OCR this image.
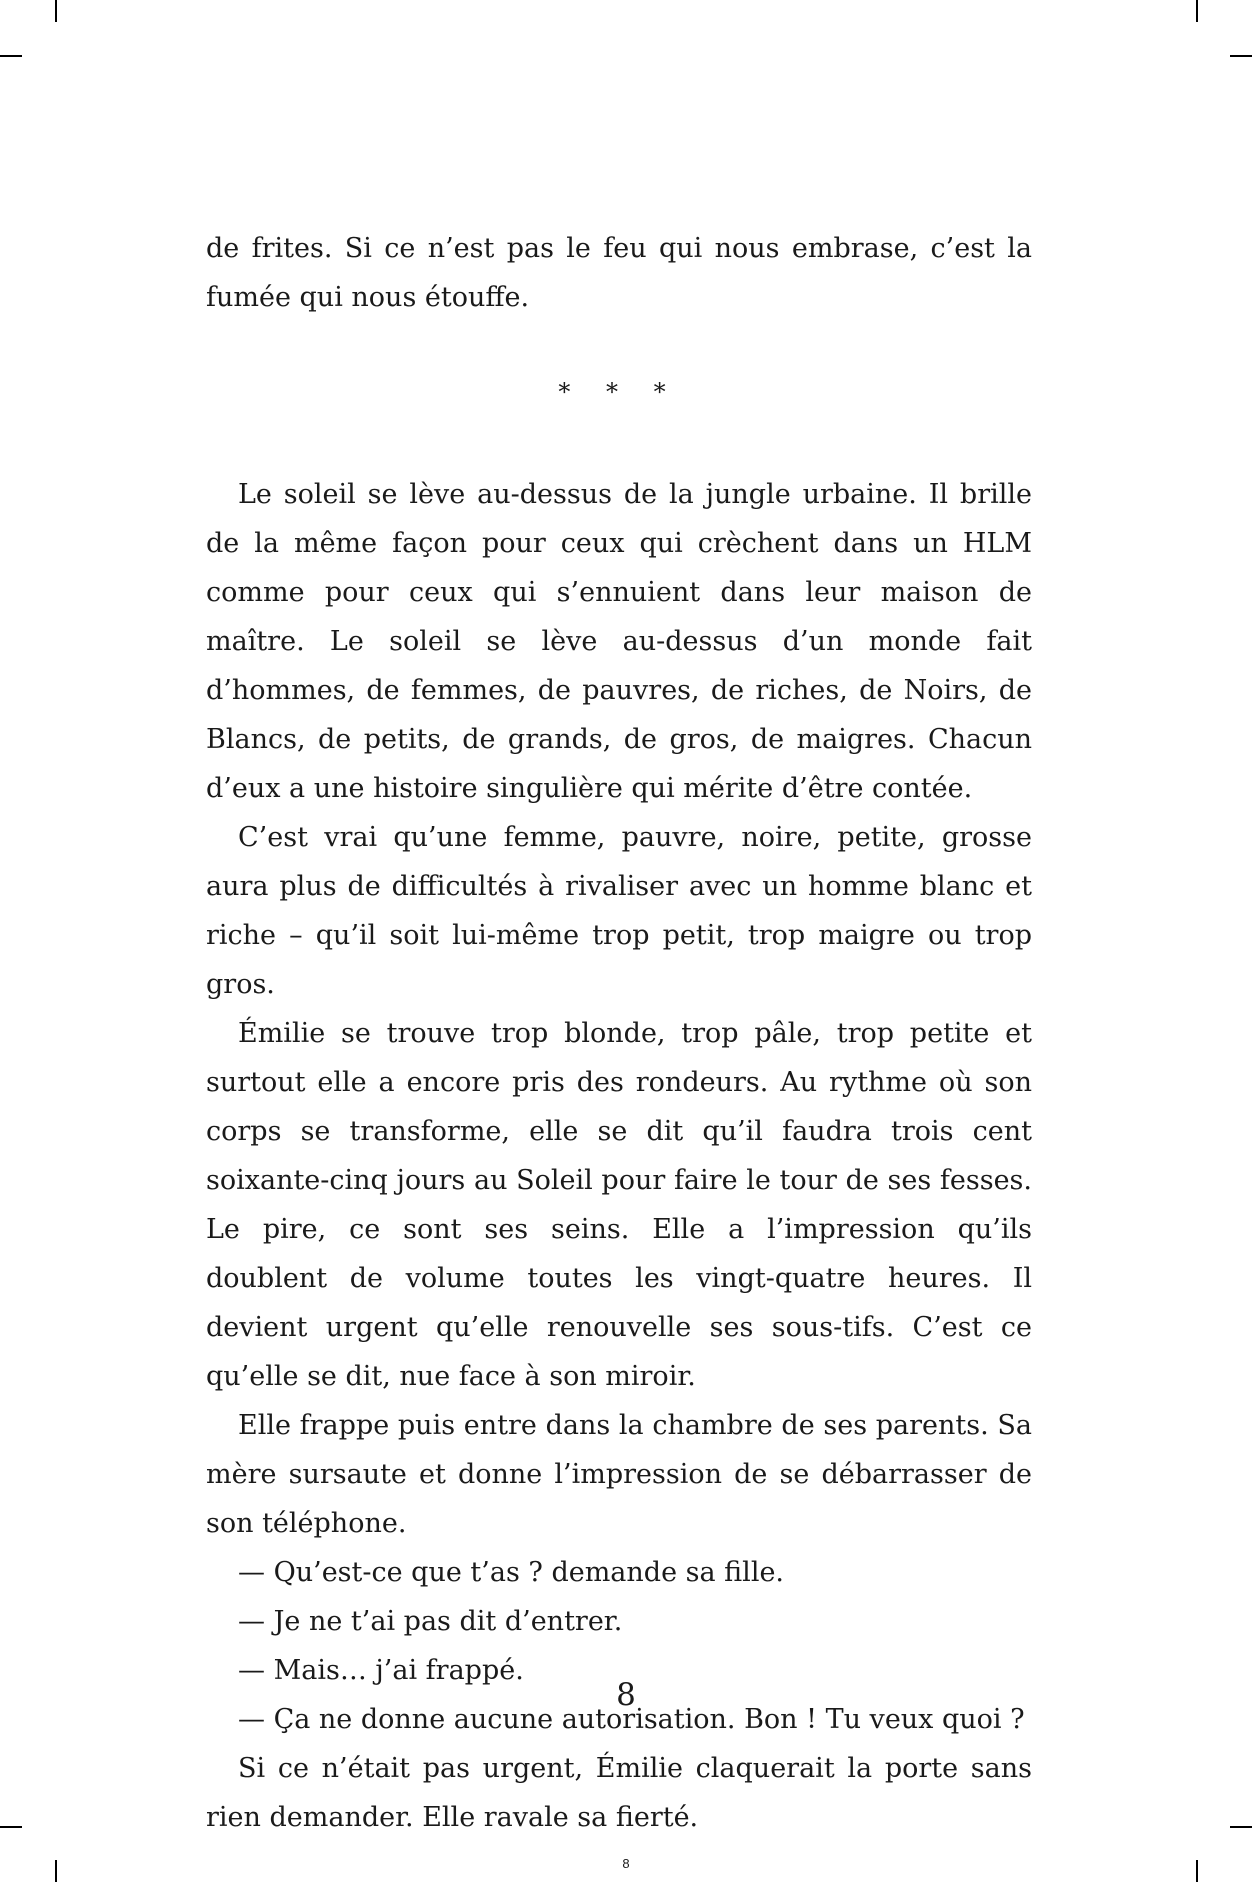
de frites. Si ce n’est pas le feu qui nous embrase, c’est la fumée qui nous étouffe.

* * *

Le soleil se lève au-dessus de la jungle urbaine. Il brille de la même façon pour ceux qui crèchent dans un HLM comme pour ceux qui s’ennuient dans leur maison de maître. Le soleil se lève au-dessus d’un monde fait d’hommes, de femmes, de pauvres, de riches, de Noirs, de Blancs, de petits, de grands, de gros, de maigres. Chacun d’eux a une histoire singulière qui mérite d’être contée.

C’est vrai qu’une femme, pauvre, noire, petite, grosse aura plus de difficultés à rivaliser avec un homme blanc et riche – qu’il soit lui-même trop petit, trop maigre ou trop gros.

Émilie se trouve trop blonde, trop pâle, trop petite et surtout elle a encore pris des rondeurs. Au rythme où son corps se transforme, elle se dit qu’il faudra trois cent soixante-cinq jours au Soleil pour faire le tour de ses fesses. Le pire, ce sont ses seins. Elle a l’impression qu’ils doublent de volume toutes les vingt-quatre heures. Il devient urgent qu’elle renouvelle ses sous-tifs. C’est ce qu’elle se dit, nue face à son miroir.

Elle frappe puis entre dans la chambre de ses parents. Sa mère sursaute et donne l’impression de se débarrasser de son téléphone.

— Qu’est-ce que t’as ? demande sa fille.

— Je ne t’ai pas dit d’entrer.

— Mais… j’ai frappé.

— Ça ne donne aucune autorisation. Bon ! Tu veux quoi ?

Si ce n’était pas urgent, Émilie claquerait la porte sans rien demander. Elle ravale sa fierté.

8
8
